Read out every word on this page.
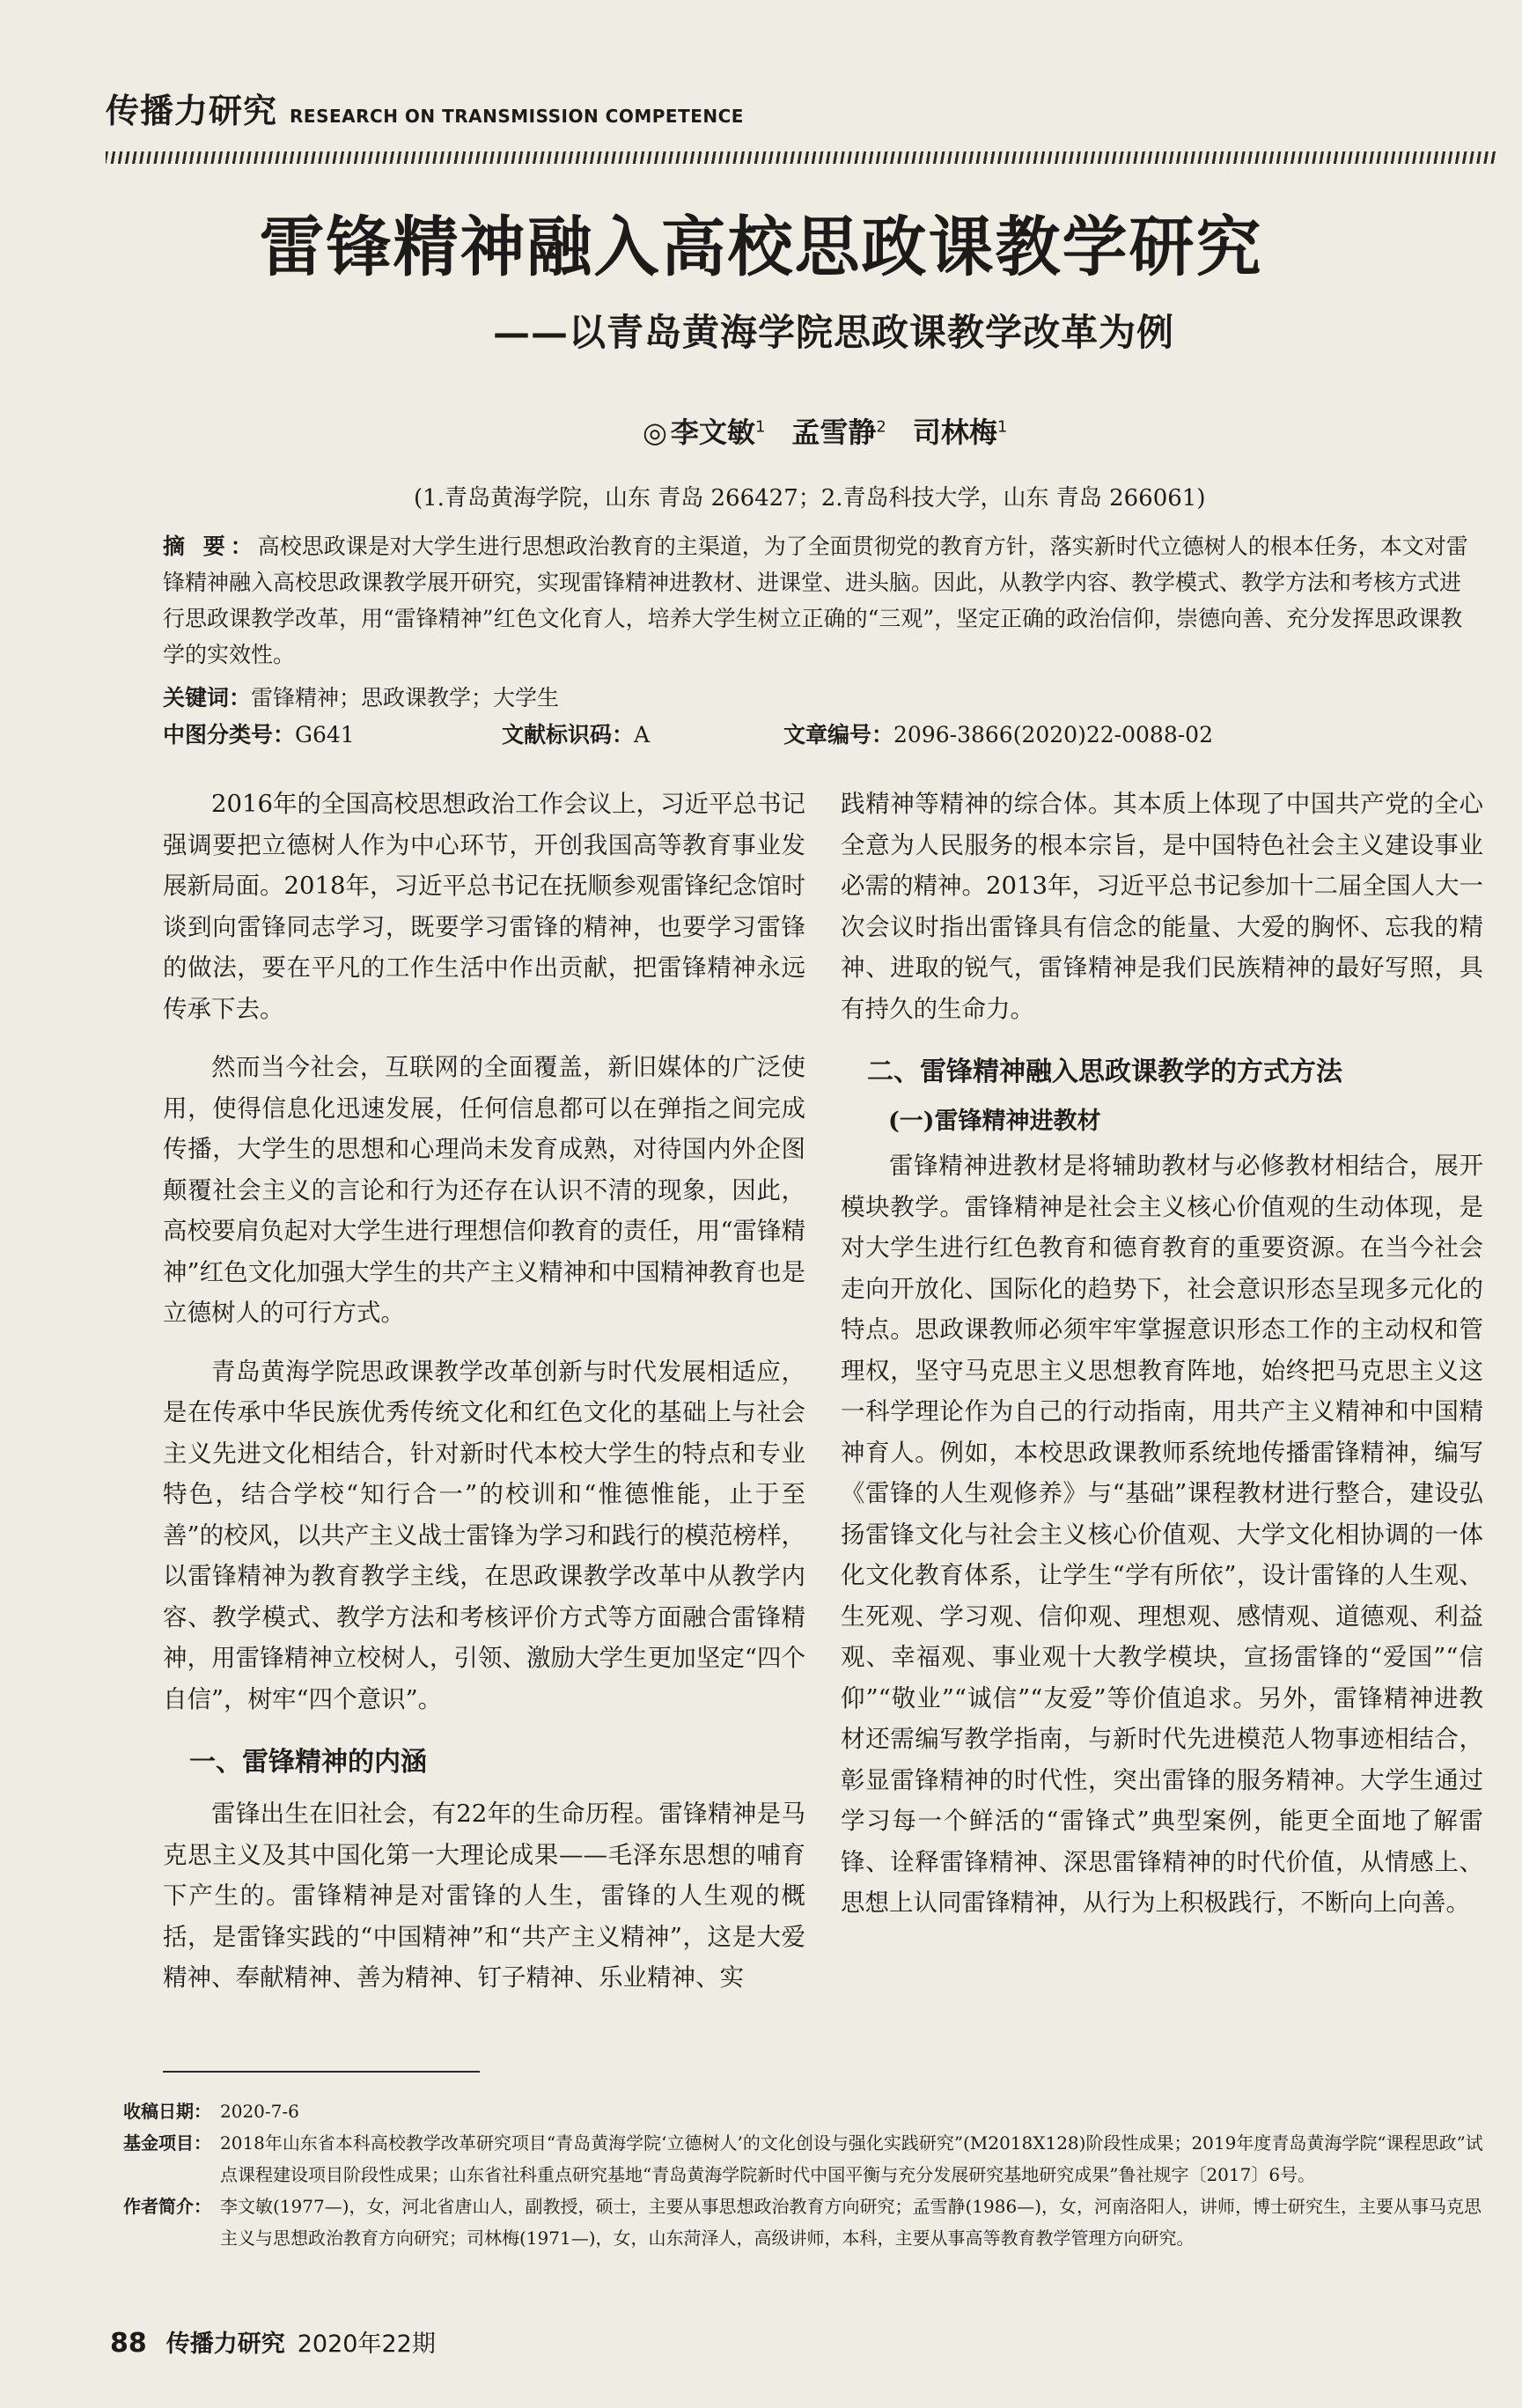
传播力研究 RESEARCH ON TRANSMISSION COMPETENCE
雷锋精神融入高校思政课教学研究
——以青岛黄海学院思政课教学改革为例
◎ 李文敏$^1$ 孟雪静$^2$ 司林梅$^1$
(1.青岛黄海学院，山东 青岛 266427；2.青岛科技大学，山东 青岛 266061)
摘 要：高校思政课是对大学生进行思想政治教育的主渠道，为了全面贯彻党的教育方针，落实新时代立德树人的根本任务，本文对雷锋精神融入高校思政课教学展开研究，实现雷锋精神进教材、进课堂、进头脑。因此，从教学内容、教学模式、教学方法和考核方式进行思政课教学改革，用“雷锋精神”红色文化育人，培养大学生树立正确的“三观”，坚定正确的政治信仰，崇德向善、充分发挥思政课教学的实效性。
关键词：雷锋精神；思政课教学；大学生
中图分类号：G641	文献标识码：A	文章编号：2096-3866(2020)22-0088-02

2016年的全国高校思想政治工作会议上，习近平总书记强调要把立德树人作为中心环节，开创我国高等教育事业发展新局面。2018年，习近平总书记在抚顺参观雷锋纪念馆时谈到向雷锋同志学习，既要学习雷锋的精神，也要学习雷锋的做法，要在平凡的工作生活中作出贡献，把雷锋精神永远传承下去。

然而当今社会，互联网的全面覆盖，新旧媒体的广泛使用，使得信息化迅速发展，任何信息都可以在弹指之间完成传播，大学生的思想和心理尚未发育成熟，对待国内外企图颠覆社会主义的言论和行为还存在认识不清的现象，因此，高校要肩负起对大学生进行理想信仰教育的责任，用“雷锋精神”红色文化加强大学生的共产主义精神和中国精神教育也是立德树人的可行方式。

青岛黄海学院思政课教学改革创新与时代发展相适应，是在传承中华民族优秀传统文化和红色文化的基础上与社会主义先进文化相结合，针对新时代本校大学生的特点和专业特色，结合学校“知行合一”的校训和“惟德惟能，止于至善”的校风，以共产主义战士雷锋为学习和践行的模范榜样，以雷锋精神为教育教学主线，在思政课教学改革中从教学内容、教学模式、教学方法和考核评价方式等方面融合雷锋精神，用雷锋精神立校树人，引领、激励大学生更加坚定“四个自信”，树牢“四个意识”。

一、雷锋精神的内涵

雷锋出生在旧社会，有22年的生命历程。雷锋精神是马克思主义及其中国化第一大理论成果——毛泽东思想的哺育下产生的。雷锋精神是对雷锋的人生，雷锋的人生观的概括，是雷锋实践的“中国精神”和“共产主义精神”，这是大爱精神、奉献精神、善为精神、钉子精神、乐业精神、实

践精神等精神的综合体。其本质上体现了中国共产党的全心全意为人民服务的根本宗旨，是中国特色社会主义建设事业必需的精神。2013年，习近平总书记参加十二届全国人大一次会议时指出雷锋具有信念的能量、大爱的胸怀、忘我的精神、进取的锐气，雷锋精神是我们民族精神的最好写照，具有持久的生命力。

二、雷锋精神融入思政课教学的方式方法
(一)雷锋精神进教材

雷锋精神进教材是将辅助教材与必修教材相结合，展开模块教学。雷锋精神是社会主义核心价值观的生动体现，是对大学生进行红色教育和德育教育的重要资源。在当今社会走向开放化、国际化的趋势下，社会意识形态呈现多元化的特点。思政课教师必须牢牢掌握意识形态工作的主动权和管理权，坚守马克思主义思想教育阵地，始终把马克思主义这一科学理论作为自己的行动指南，用共产主义精神和中国精神育人。例如，本校思政课教师系统地传播雷锋精神，编写《雷锋的人生观修养》与“基础”课程教材进行整合，建设弘扬雷锋文化与社会主义核心价值观、大学文化相协调的一体化文化教育体系，让学生“学有所依”，设计雷锋的人生观、生死观、学习观、信仰观、理想观、感情观、道德观、利益观、幸福观、事业观十大教学模块，宣扬雷锋的“爱国”“信仰”“敬业”“诚信”“友爱”等价值追求。另外，雷锋精神进教材还需编写教学指南，与新时代先进模范人物事迹相结合，彰显雷锋精神的时代性，突出雷锋的服务精神。大学生通过学习每一个鲜活的“雷锋式”典型案例，能更全面地了解雷锋、诠释雷锋精神、深思雷锋精神的时代价值，从情感上、思想上认同雷锋精神，从行为上积极践行，不断向上向善。

收稿日期： 2020-7-6
基金项目： 2018年山东省本科高校教学改革研究项目“青岛黄海学院‘立德树人’的文化创设与强化实践研究”(M2018X128)阶段性成果；2019年度青岛黄海学院“课程思政”试点课程建设项目阶段性成果；山东省社科重点研究基地“青岛黄海学院新时代中国平衡与充分发展研究基地研究成果”鲁社规字〔2017〕6号。
作者简介： 李文敏(1977—)，女，河北省唐山人，副教授，硕士，主要从事思想政治教育方向研究；孟雪静(1986—)，女，河南洛阳人，讲师，博士研究生，主要从事马克思主义与思想政治教育方向研究；司林梅(1971—)，女，山东菏泽人，高级讲师，本科，主要从事高等教育教学管理方向研究。
88 传播力研究 2020年22期
